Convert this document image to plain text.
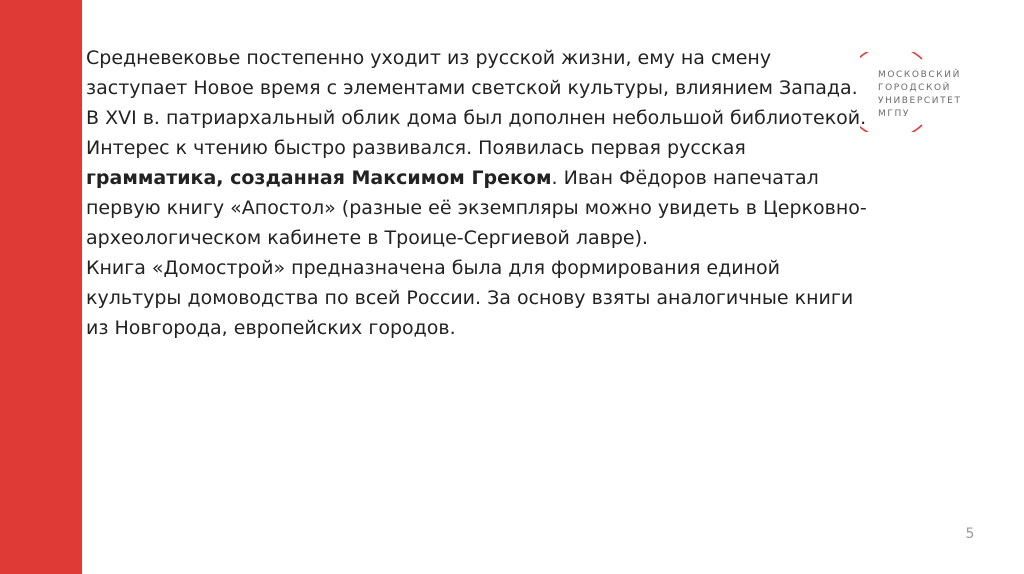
Средневековье постепенно уходит из русской жизни, ему на смену заступает Новое время с элементами светской культуры, влиянием Запада. В XVI в. патриархальный облик дома был дополнен небольшой библиотекой. Интерес к чтению быстро развивался. Появилась первая русская грамматика, созданная Максимом Греком. Иван Фёдоров напечатал первую книгу «Апостол» (разные её экземпляры можно увидеть в Церковно-археологическом кабинете в Троице-Сергиевой лавре).

Книга «Домострой» предназначена была для формирования единой культуры домоводства по всей России. За основу взяты аналогичные книги из Новгорода, европейских городов.

МОСКОВСКИЙ
ГОРОДСКОЙ
УНИВЕРСИТЕТ
МГПУ
5
